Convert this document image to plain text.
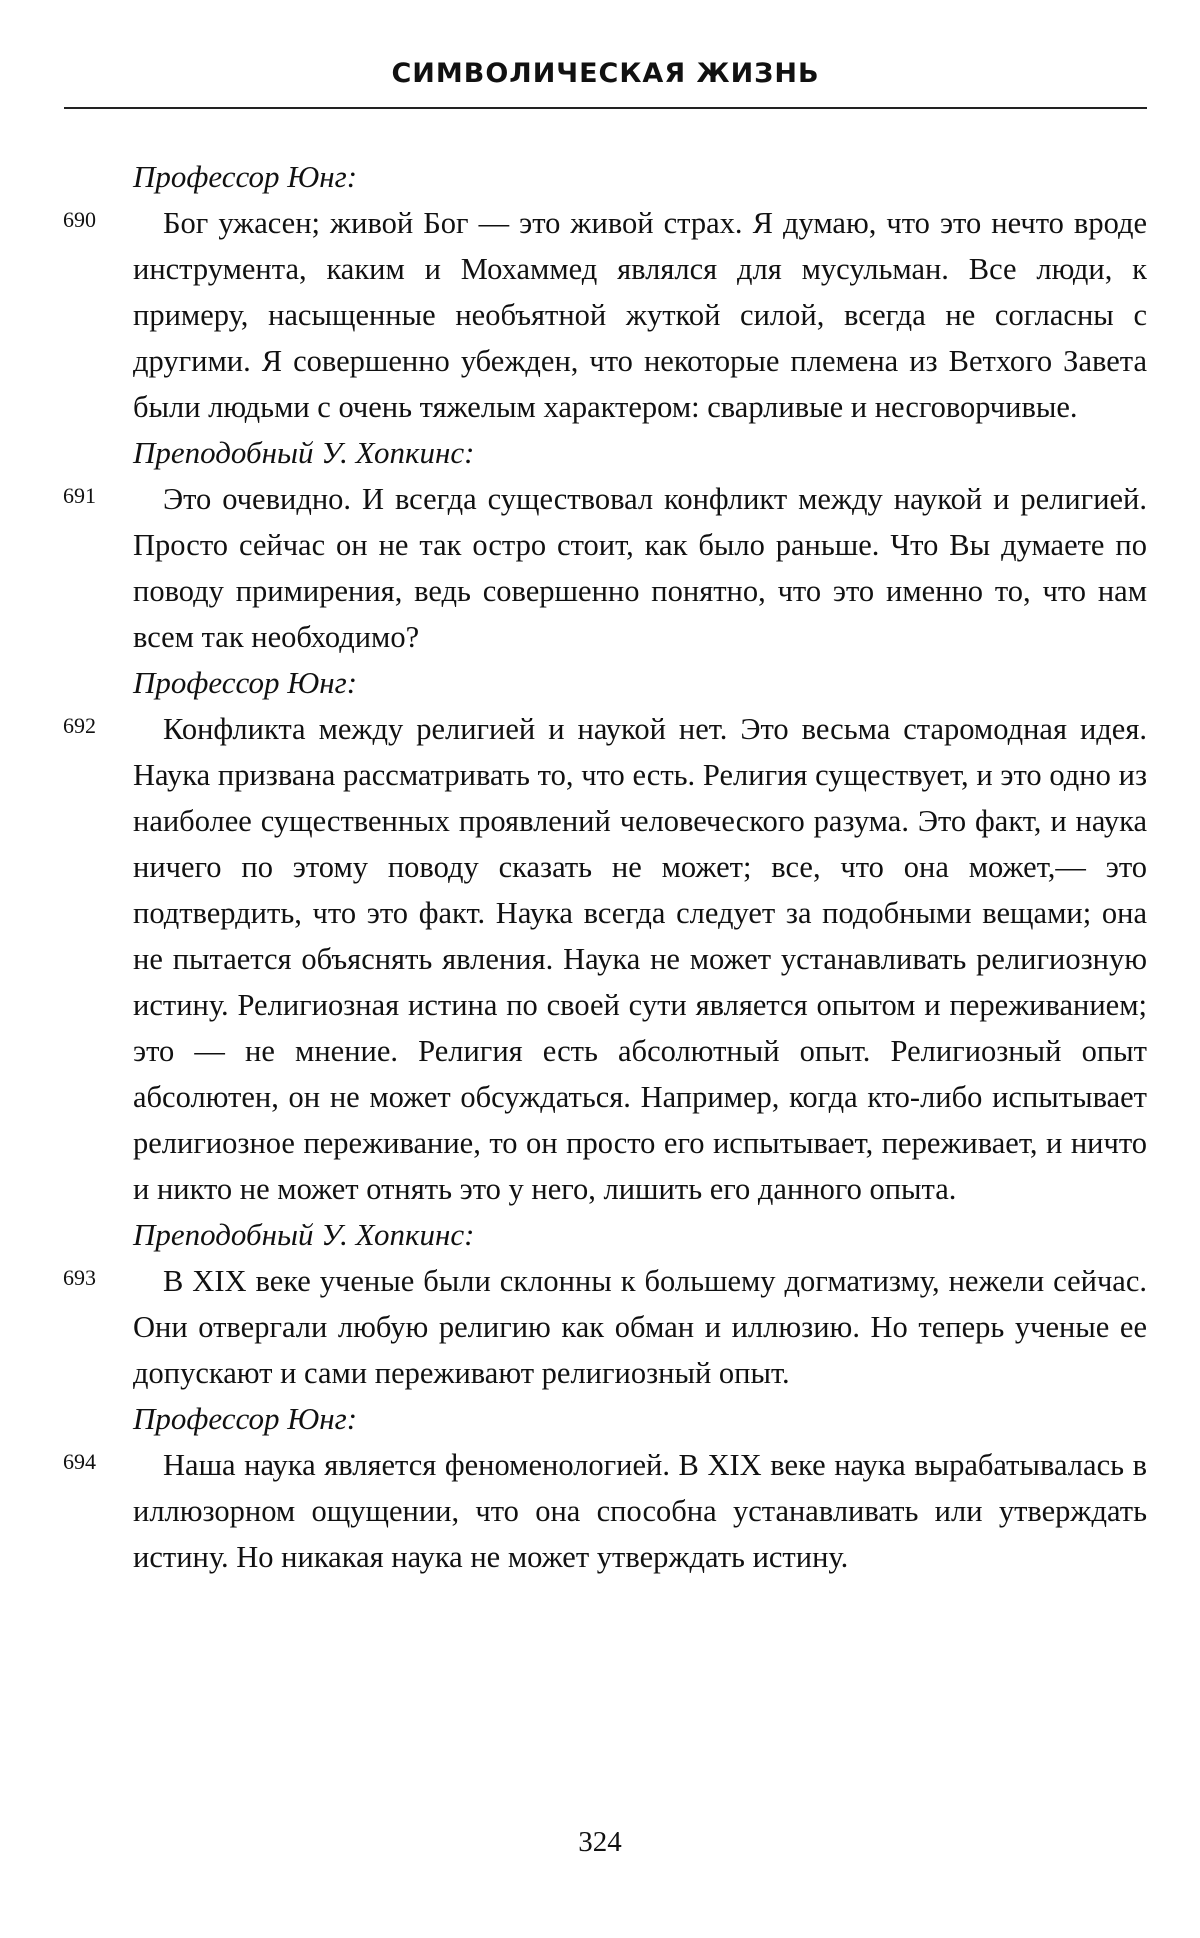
СИМВОЛИЧЕСКАЯ ЖИЗНЬ
Профессор Юнг:
690 Бог ужасен; живой Бог — это живой страх. Я думаю, что это нечто вроде инструмента, каким и Мохаммед являлся для мусульман. Все люди, к примеру, насыщенные необъятной жуткой силой, всегда не согласны с другими. Я совершенно убежден, что некоторые племена из Ветхого Завета были людьми с очень тяжелым характером: сварливые и несговорчивые.
Преподобный У. Хопкинс:
691 Это очевидно. И всегда существовал конфликт между наукой и религией. Просто сейчас он не так остро стоит, как было раньше. Что Вы думаете по поводу примирения, ведь совершенно понятно, что это именно то, что нам всем так необходимо?
Профессор Юнг:
692 Конфликта между религией и наукой нет. Это весьма старомодная идея. Наука призвана рассматривать то, что есть. Религия существует, и это одно из наиболее существенных проявлений человеческого разума. Это факт, и наука ничего по этому поводу сказать не может; все, что она может,— это подтвердить, что это факт. Наука всегда следует за подобными вещами; она не пытается объяснять явления. Наука не может устанавливать религиозную истину. Религиозная истина по своей сути является опытом и переживанием; это — не мнение. Религия есть абсолютный опыт. Религиозный опыт абсолютен, он не может обсуждаться. Например, когда кто-либо испытывает религиозное переживание, то он просто его испытывает, переживает, и ничто и никто не может отнять это у него, лишить его данного опыта.
Преподобный У. Хопкинс:
693 В XIX веке ученые были склонны к большему догматизму, нежели сейчас. Они отвергали любую религию как обман и иллюзию. Но теперь ученые ее допускают и сами переживают религиозный опыт.
Профессор Юнг:
694 Наша наука является феноменологией. В XIX веке наука вырабатывалась в иллюзорном ощущении, что она способна устанавливать или утверждать истину. Но никакая наука не может утверждать истину.
324
